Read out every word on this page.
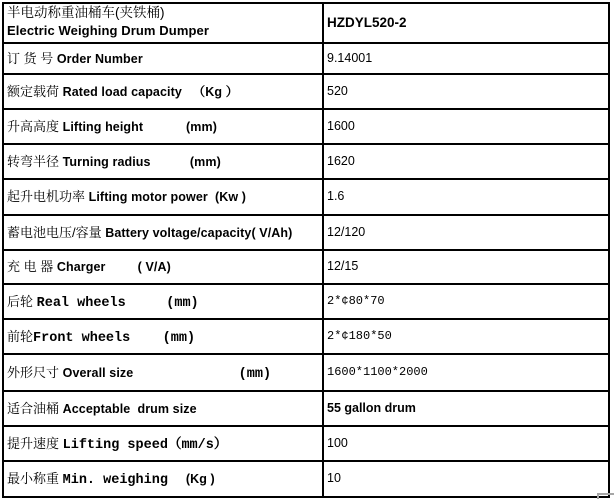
半电动称重油桶车(夹铁桶)
Electric Weighing Drum Dumper	HZDYL520-2
订 货 号 Order Number	9.14001
额定载荷 Rated load capacity   （Kg ）	520
升高高度 Lifting height            (mm)	1600
转弯半径 Turning radius           (mm)	1620
起升电机功率 Lifting motor power  (Kw )	1.6
蓄电池电压/容量 Battery voltage/capacity( V/Ah)	12/120
充 电 器 Charger         ( V/A)	12/15
后轮 Real wheels     (mm)	2*¢80*70
前轮Front wheels    (mm)	2*¢180*50
外形尺寸 Overall size             (mm)	1600*1100*2000
适合油桶 Acceptable  drum size	55 gallon drum
提升速度 Lifting speed（mm/s）	100
最小称重 Min. weighing     (Kg )	10
